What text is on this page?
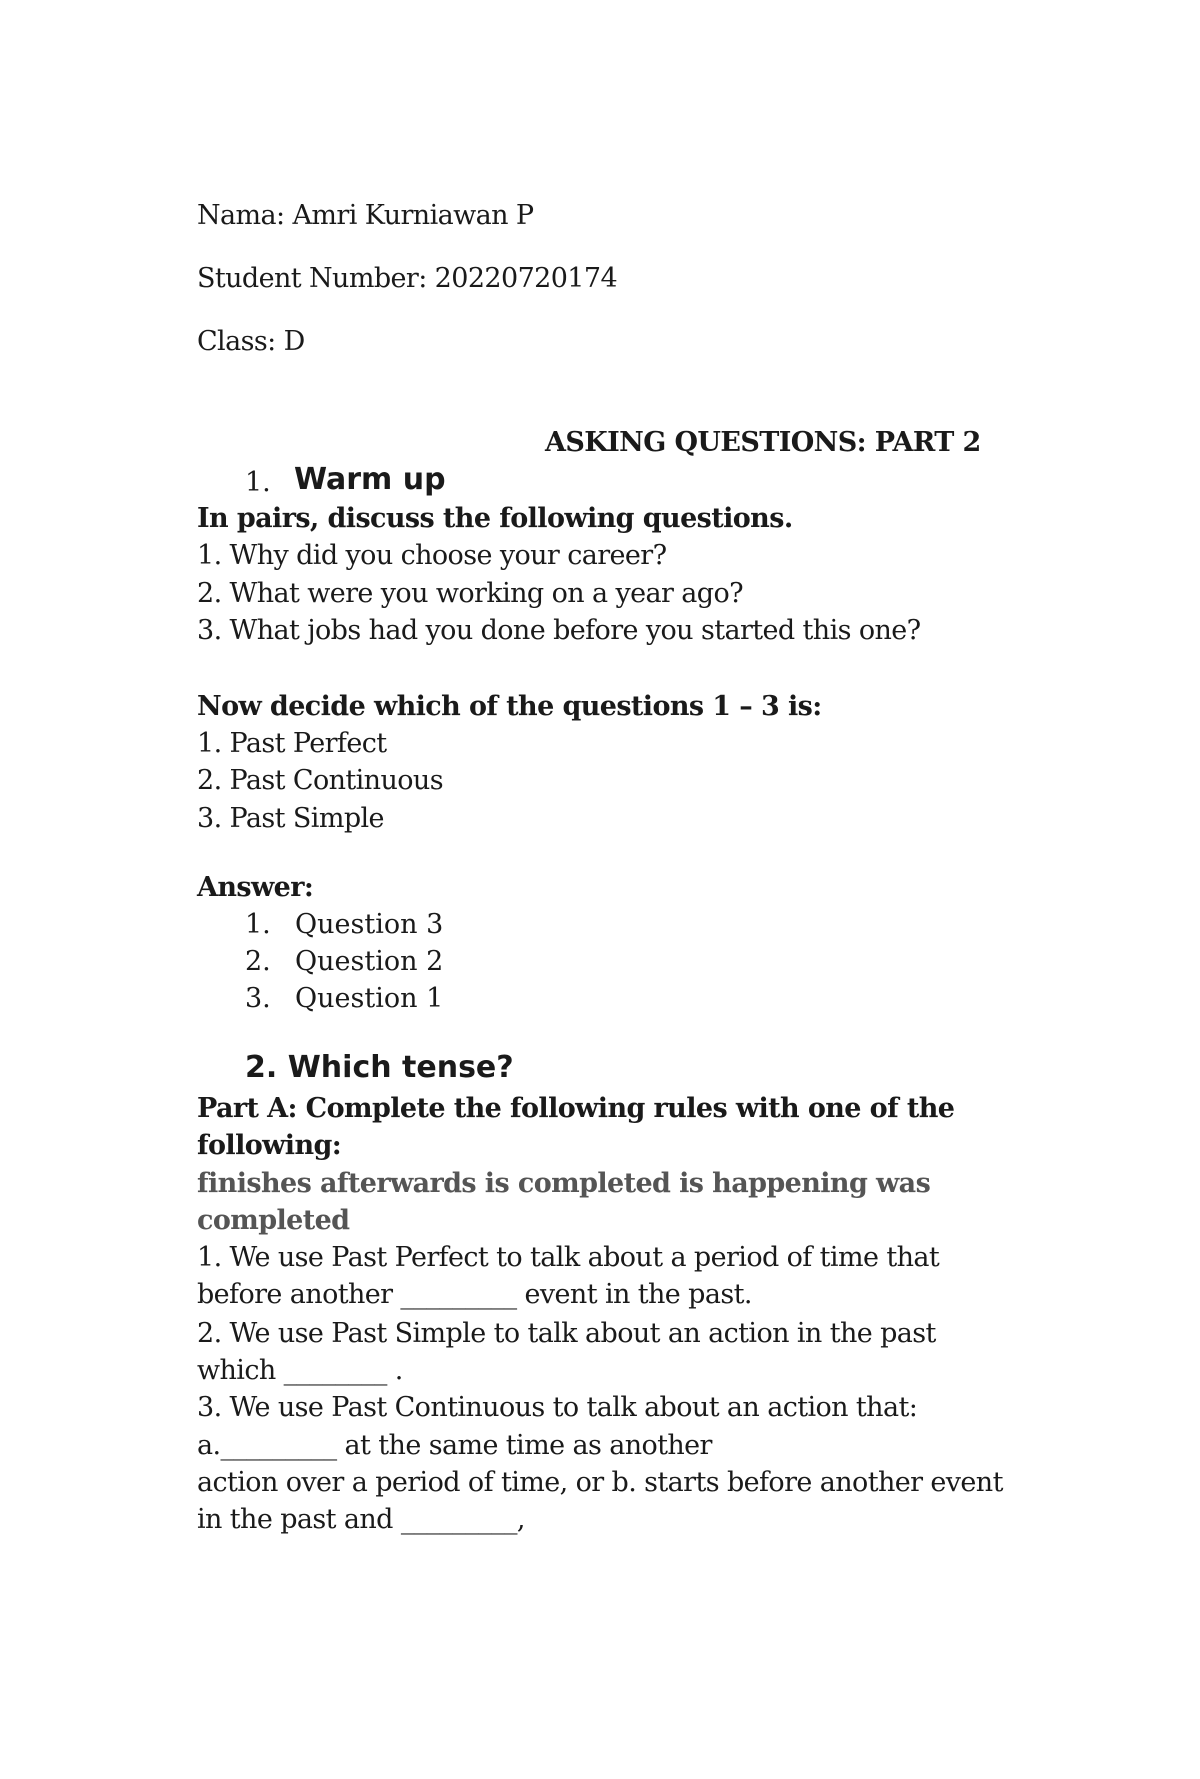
Nama: Amri Kurniawan P

Student Number: 20220720174

Class: D

ASKING QUESTIONS: PART 2

1. Warm up

In pairs, discuss the following questions.

1. Why did you choose your career?

2. What were you working on a year ago?

3. What jobs had you done before you started this one?

Now decide which of the questions 1 – 3 is:

1. Past Perfect

2. Past Continuous

3. Past Simple

Answer:

1. Question 3
2. Question 2
3. Question 1
2. Which tense?

Part A: Complete the following rules with one of the

following:

finishes afterwards is completed is happening was

completed

1. We use Past Perfect to talk about a period of time that

before another _________ event in the past.

2. We use Past Simple to talk about an action in the past

which ________ .

3. We use Past Continuous to talk about an action that:

a._________ at the same time as another

action over a period of time, or b. starts before another event

in the past and _________,
